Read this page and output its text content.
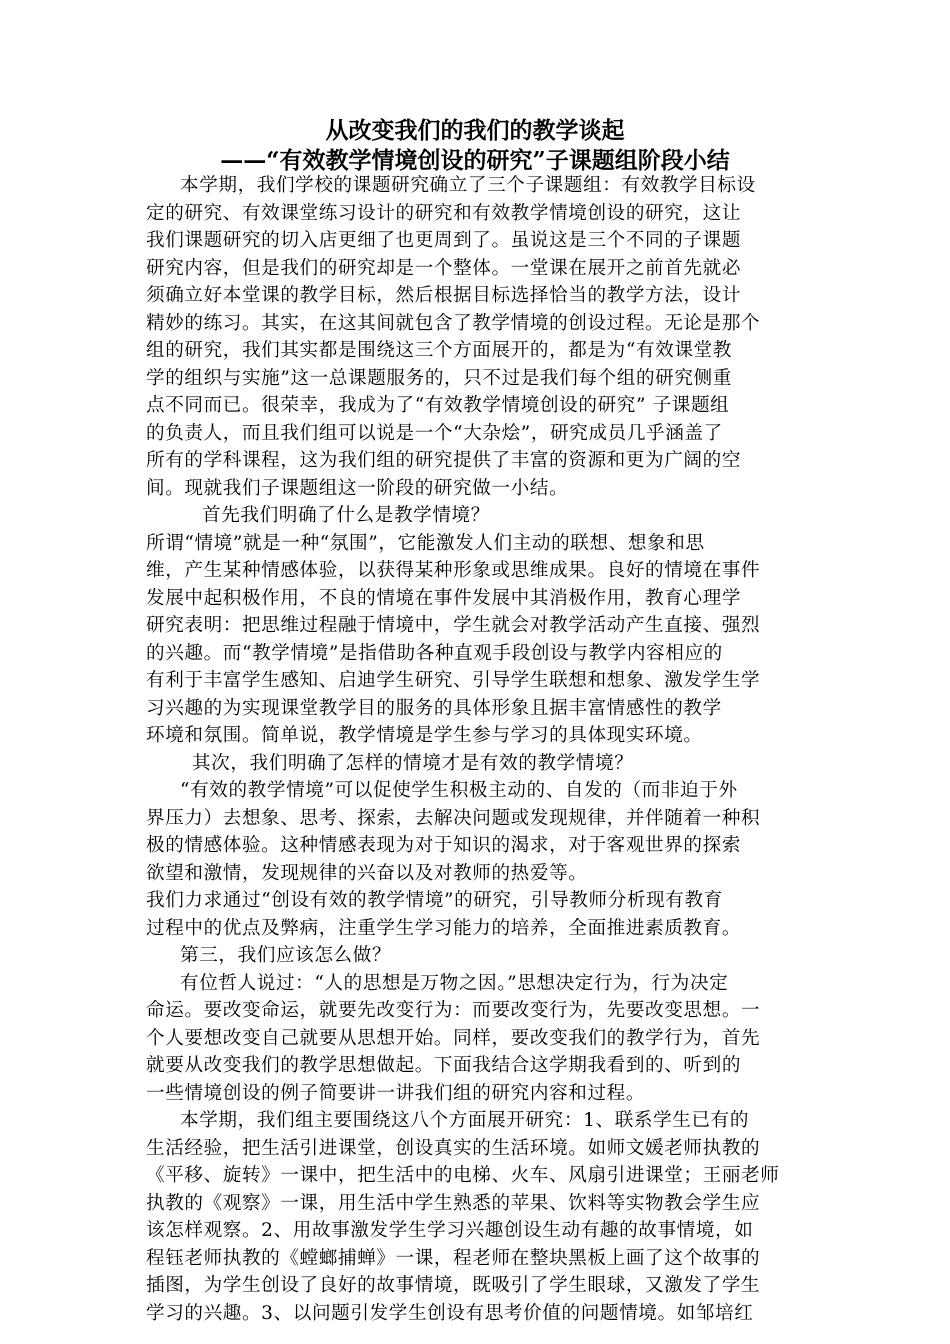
从改变我们的我们的教学谈起
——“有效教学情境创设的研究”子课题组阶段小结
本学期，我们学校的课题研究确立了三个子课题组：有效教学目标设
定的研究、有效课堂练习设计的研究和有效教学情境创设的研究，这让
我们课题研究的切入店更细了也更周到了。虽说这是三个不同的子课题
研究内容，但是我们的研究却是一个整体。一堂课在展开之前首先就必
须确立好本堂课的教学目标，然后根据目标选择恰当的教学方法，设计
精妙的练习。其实，在这其间就包含了教学情境的创设过程。无论是那个
组的研究，我们其实都是围绕这三个方面展开的，都是为“有效课堂教
学的组织与实施”这一总课题服务的，只不过是我们每个组的研究侧重
点不同而已。很荣幸，我成为了“有效教学情境创设的研究” 子课题组
的负责人，而且我们组可以说是一个“大杂烩”，研究成员几乎涵盖了
所有的学科课程，这为我们组的研究提供了丰富的资源和更为广阔的空
间。现就我们子课题组这一阶段的研究做一小结。
首先我们明确了什么是教学情境？
所谓“情境”就是一种“氛围”，它能激发人们主动的联想、想象和思
维，产生某种情感体验，以获得某种形象或思维成果。良好的情境在事件
发展中起积极作用，不良的情境在事件发展中其消极作用，教育心理学
研究表明：把思维过程融于情境中，学生就会对教学活动产生直接、强烈
的兴趣。而“教学情境”是指借助各种直观手段创设与教学内容相应的
有利于丰富学生感知、启迪学生研究、引导学生联想和想象、激发学生学
习兴趣的为实现课堂教学目的服务的具体形象且据丰富情感性的教学
环境和氛围。简单说，教学情境是学生参与学习的具体现实环境。
其次，我们明确了怎样的情境才是有效的教学情境？
“有效的教学情境”可以促使学生积极主动的、自发的（而非迫于外
界压力）去想象、思考、探索，去解决问题或发现规律，并伴随着一种积
极的情感体验。这种情感表现为对于知识的渴求，对于客观世界的探索
欲望和激情，发现规律的兴奋以及对教师的热爱等。
我们力求通过“创设有效的教学情境”的研究，引导教师分析现有教育
过程中的优点及弊病，注重学生学习能力的培养，全面推进素质教育。
第三，我们应该怎么做？
有位哲人说过：“人的思想是万物之因。”思想决定行为，行为决定
命运。要改变命运，就要先改变行为：而要改变行为，先要改变思想。一
个人要想改变自己就要从思想开始。同样，要改变我们的教学行为，首先
就要从改变我们的教学思想做起。下面我结合这学期我看到的、听到的
一些情境创设的例子简要讲一讲我们组的研究内容和过程。
本学期，我们组主要围绕这八个方面展开研究：1、联系学生已有的
生活经验，把生活引进课堂，创设真实的生活环境。如师文媛老师执教的
《平移、旋转》一课中，把生活中的电梯、火车、风扇引进课堂；王丽老师
执教的《观察》一课，用生活中学生熟悉的苹果、饮料等实物教会学生应
该怎样观察。2、用故事激发学生学习兴趣创设生动有趣的故事情境，如
程钰老师执教的《螳螂捕蝉》一课，程老师在整块黑板上画了这个故事的
插图，为学生创设了良好的故事情境，既吸引了学生眼球，又激发了学生
学习的兴趣。3、以问题引发学生创设有思考价值的问题情境。如邹培红
